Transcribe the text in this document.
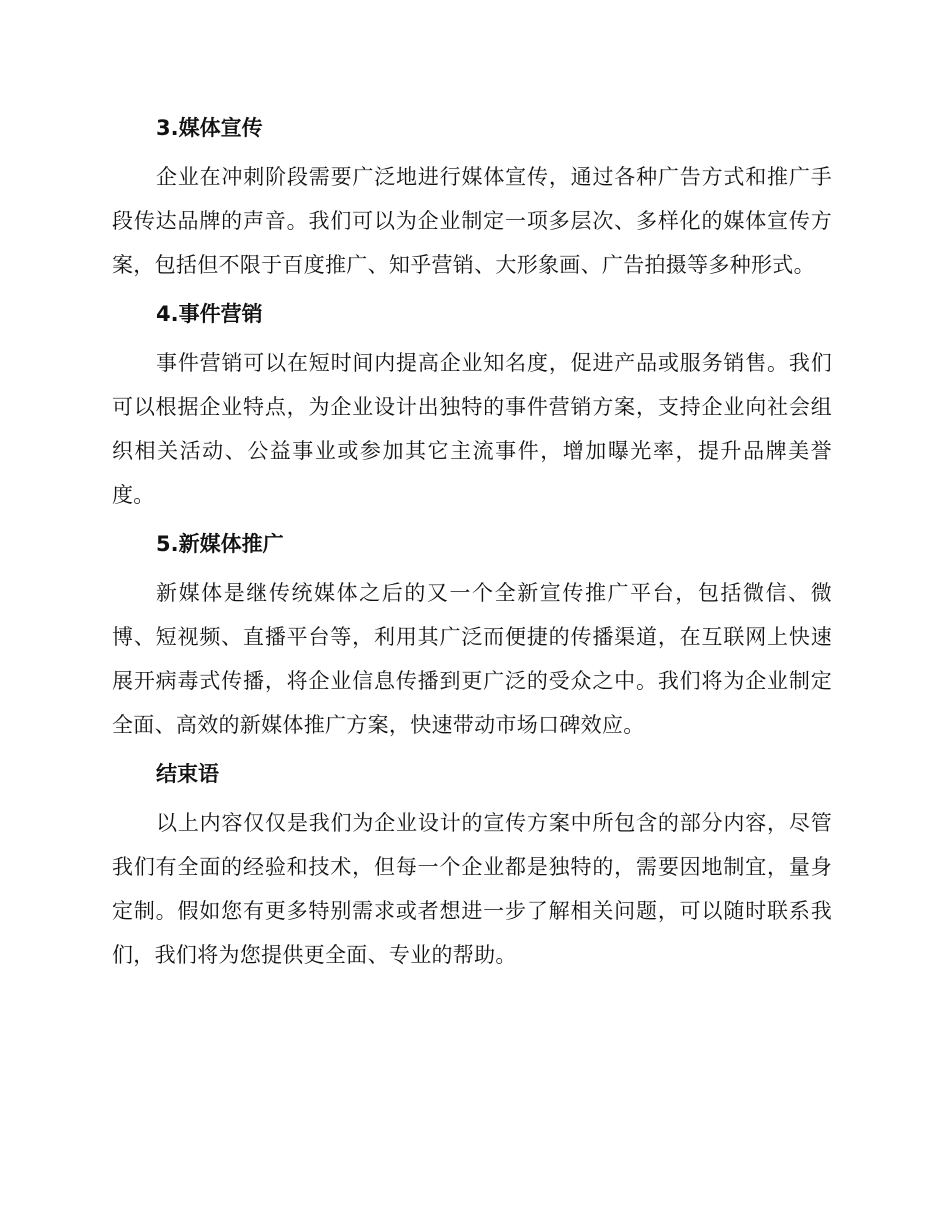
3.媒体宣传

企业在冲刺阶段需要广泛地进行媒体宣传，通过各种广告方式和推广手段传达品牌的声音。我们可以为企业制定一项多层次、多样化的媒体宣传方案，包括但不限于百度推广、知乎营销、大形象画、广告拍摄等多种形式。

4.事件营销

事件营销可以在短时间内提高企业知名度，促进产品或服务销售。我们可以根据企业特点，为企业设计出独特的事件营销方案，支持企业向社会组织相关活动、公益事业或参加其它主流事件，增加曝光率，提升品牌美誉度。

5.新媒体推广

新媒体是继传统媒体之后的又一个全新宣传推广平台，包括微信、微博、短视频、直播平台等，利用其广泛而便捷的传播渠道，在互联网上快速展开病毒式传播，将企业信息传播到更广泛的受众之中。我们将为企业制定全面、高效的新媒体推广方案，快速带动市场口碑效应。

结束语

以上内容仅仅是我们为企业设计的宣传方案中所包含的部分内容，尽管我们有全面的经验和技术，但每一个企业都是独特的，需要因地制宜，量身定制。假如您有更多特别需求或者想进一步了解相关问题，可以随时联系我们，我们将为您提供更全面、专业的帮助。
